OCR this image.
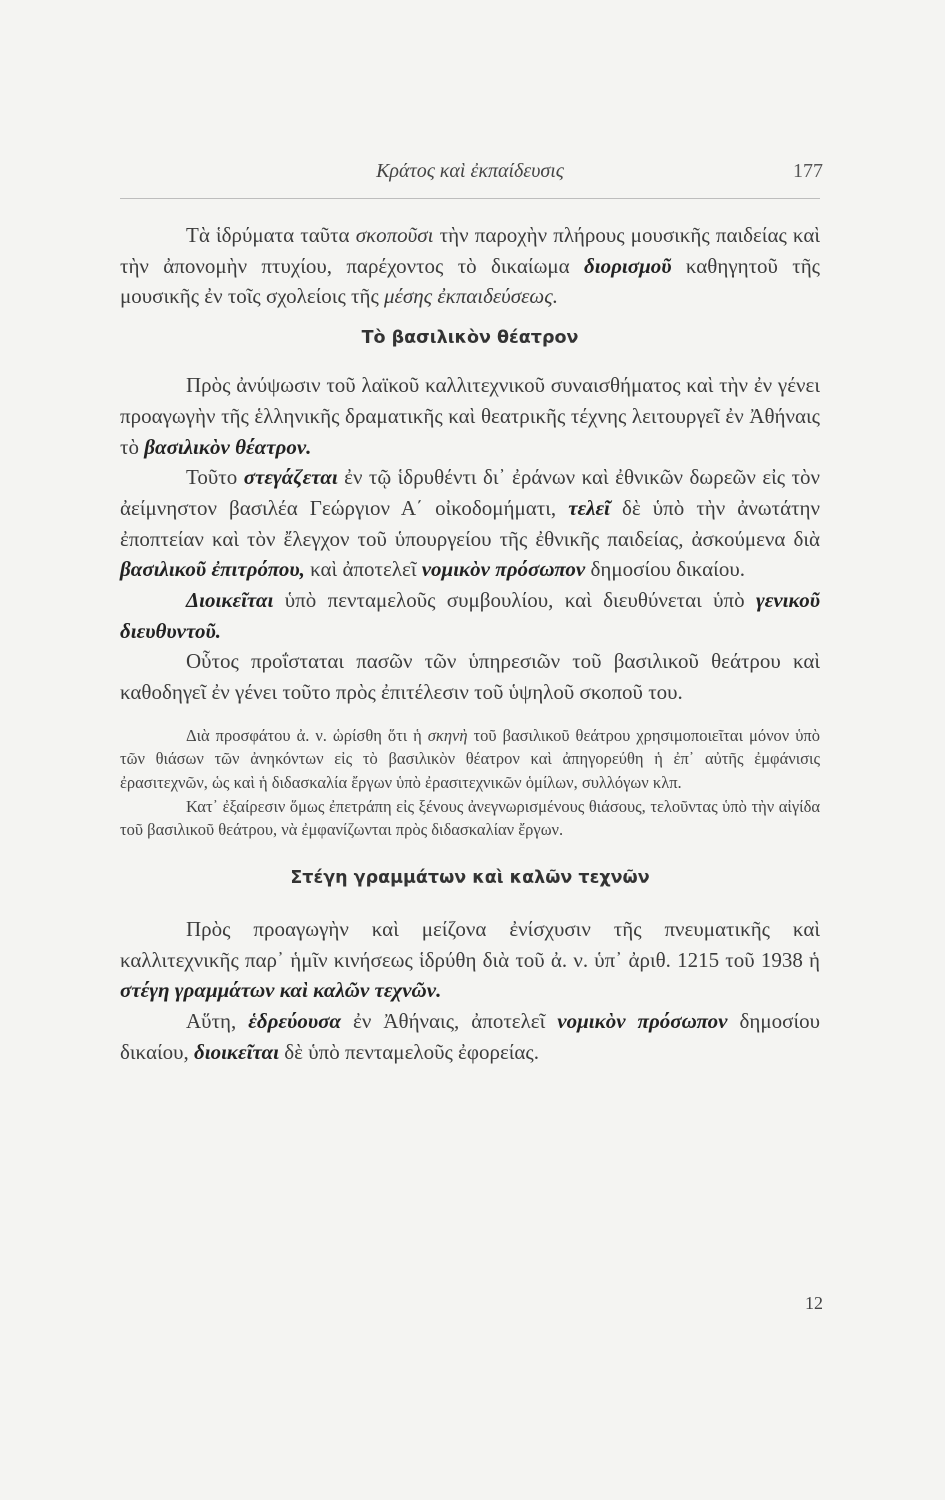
Κράτος καὶ ἐκπαίδευσις	177

Τὰ ἱδρύματα ταῦτα σκοποῦσι τὴν παροχὴν πλήρους μουσικῆς παιδείας καὶ τὴν ἀπονομὴν πτυχίου, παρέχοντος τὸ δικαίωμα διορισμοῦ καθηγητοῦ τῆς μουσικῆς ἐν τοῖς σχολείοις τῆς μέσης ἐκπαιδεύσεως.

Τὸ βασιλικὸν θέατρον

Πρὸς ἀνύψωσιν τοῦ λαϊκοῦ καλλιτεχνικοῦ συναισθήματος καὶ τὴν ἐν γένει προαγωγὴν τῆς ἑλληνικῆς δραματικῆς καὶ θεατρικῆς τέχνης λειτουργεῖ ἐν Ἀθήναις τὸ βασιλικὸν θέατρον.

Τοῦτο στεγάζεται ἐν τῷ ἱδρυθέντι δι᾽ ἐράνων καὶ ἐθνικῶν δωρεῶν εἰς τὸν ἀείμνηστον βασιλέα Γεώργιον Α΄ οἰκοδομήματι, τελεῖ δὲ ὑπὸ τὴν ἀνωτάτην ἐποπτείαν καὶ τὸν ἔλεγχον τοῦ ὑπουργείου τῆς ἐθνικῆς παιδείας, ἀσκούμενα διὰ βασιλικοῦ ἐπιτρόπου, καὶ ἀποτελεῖ νομικὸν πρόσωπον δημοσίου δικαίου.

Διοικεῖται ὑπὸ πενταμελοῦς συμβουλίου, καὶ διευθύνεται ὑπὸ γενικοῦ διευθυντοῦ.

Οὗτος προΐσταται πασῶν τῶν ὑπηρεσιῶν τοῦ βασιλικοῦ θεάτρου καὶ καθοδηγεῖ ἐν γένει τοῦτο πρὸς ἐπιτέλεσιν τοῦ ὑψηλοῦ σκοποῦ του.

Διὰ προσφάτου ἀ. ν. ὡρίσθη ὅτι ἡ σκηνὴ τοῦ βασιλικοῦ θεάτρου χρησιμοποιεῖται μόνον ὑπὸ τῶν θιάσων τῶν ἀνηκόντων εἰς τὸ βασιλικὸν θέατρον καὶ ἀπηγορεύθη ἡ ἐπ᾽ αὐτῆς ἐμφάνισις ἐρασιτεχνῶν, ὡς καὶ ἡ διδασκαλία ἔργων ὑπὸ ἐρασιτεχνικῶν ὁμίλων, συλλόγων κλπ.

Κατ᾽ ἐξαίρεσιν ὅμως ἐπετράπη εἰς ξένους ἀνεγνωρισμένους θιάσους, τελοῦντας ὑπὸ τὴν αἰγίδα τοῦ βασιλικοῦ θεάτρου, νὰ ἐμφανίζωνται πρὸς διδασκαλίαν ἔργων.

Στέγη γραμμάτων καὶ καλῶν τεχνῶν

Πρὸς προαγωγὴν καὶ μείζονα ἐνίσχυσιν τῆς πνευματικῆς καὶ καλλιτεχνικῆς παρ᾽ ἡμῖν κινήσεως ἱδρύθη διὰ τοῦ ἀ. ν. ὑπ᾽ ἀριθ. 1215 τοῦ 1938 ἡ στέγη γραμμάτων καὶ καλῶν τεχνῶν.

Αὕτη, ἑδρεύουσα ἐν Ἀθήναις, ἀποτελεῖ νομικὸν πρόσωπον δημοσίου δικαίου, διοικεῖται δὲ ὑπὸ πενταμελοῦς ἐφορείας.

12
